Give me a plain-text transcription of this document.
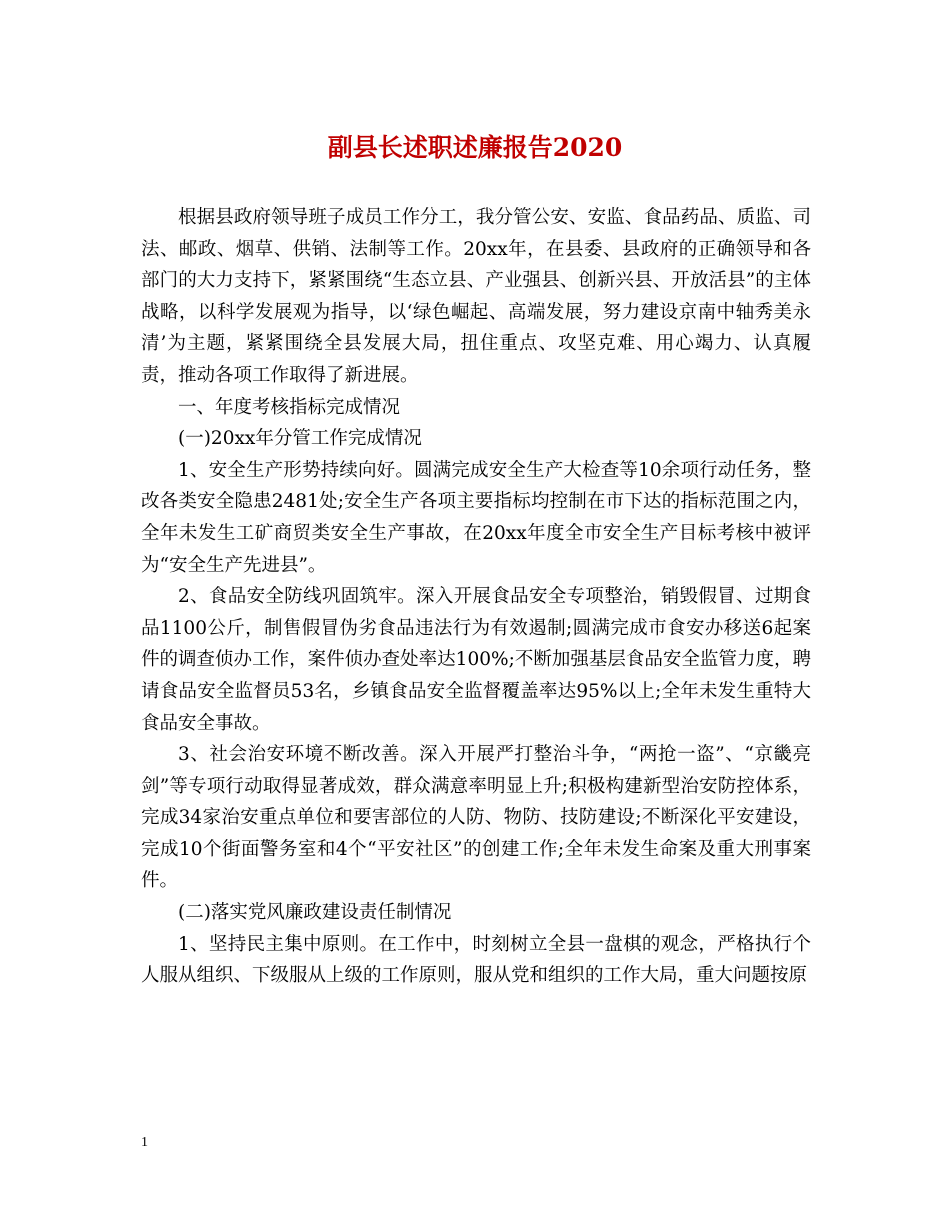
副县长述职述廉报告2020

根据县政府领导班子成员工作分工，我分管公安、安监、食品药品、质监、司法、邮政、烟草、供销、法制等工作。20xx年，在县委、县政府的正确领导和各部门的大力支持下，紧紧围绕“生态立县、产业强县、创新兴县、开放活县”的主体战略，以科学发展观为指导，以‘绿色崛起、高端发展，努力建设京南中轴秀美永清’为主题，紧紧围绕全县发展大局，扭住重点、攻坚克难、用心竭力、认真履责，推动各项工作取得了新进展。

一、年度考核指标完成情况

(一)20xx年分管工作完成情况

1、安全生产形势持续向好。圆满完成安全生产大检查等10余项行动任务，整改各类安全隐患2481处;安全生产各项主要指标均控制在市下达的指标范围之内，全年未发生工矿商贸类安全生产事故，在20xx年度全市安全生产目标考核中被评为“安全生产先进县”。

2、食品安全防线巩固筑牢。深入开展食品安全专项整治，销毁假冒、过期食品1100公斤，制售假冒伪劣食品违法行为有效遏制;圆满完成市食安办移送6起案件的调查侦办工作，案件侦办查处率达100%;不断加强基层食品安全监管力度，聘请食品安全监督员53名，乡镇食品安全监督覆盖率达95%以上;全年未发生重特大食品安全事故。

3、社会治安环境不断改善。深入开展严打整治斗争，“两抢一盗”、“京畿亮剑”等专项行动取得显著成效，群众满意率明显上升;积极构建新型治安防控体系，完成34家治安重点单位和要害部位的人防、物防、技防建设;不断深化平安建设，完成10个街面警务室和4个“平安社区”的创建工作;全年未发生命案及重大刑事案件。

(二)落实党风廉政建设责任制情况

1、坚持民主集中原则。在工作中，时刻树立全县一盘棋的观念，严格执行个人服从组织、下级服从上级的工作原则，服从党和组织的工作大局，重大问题按原

1
